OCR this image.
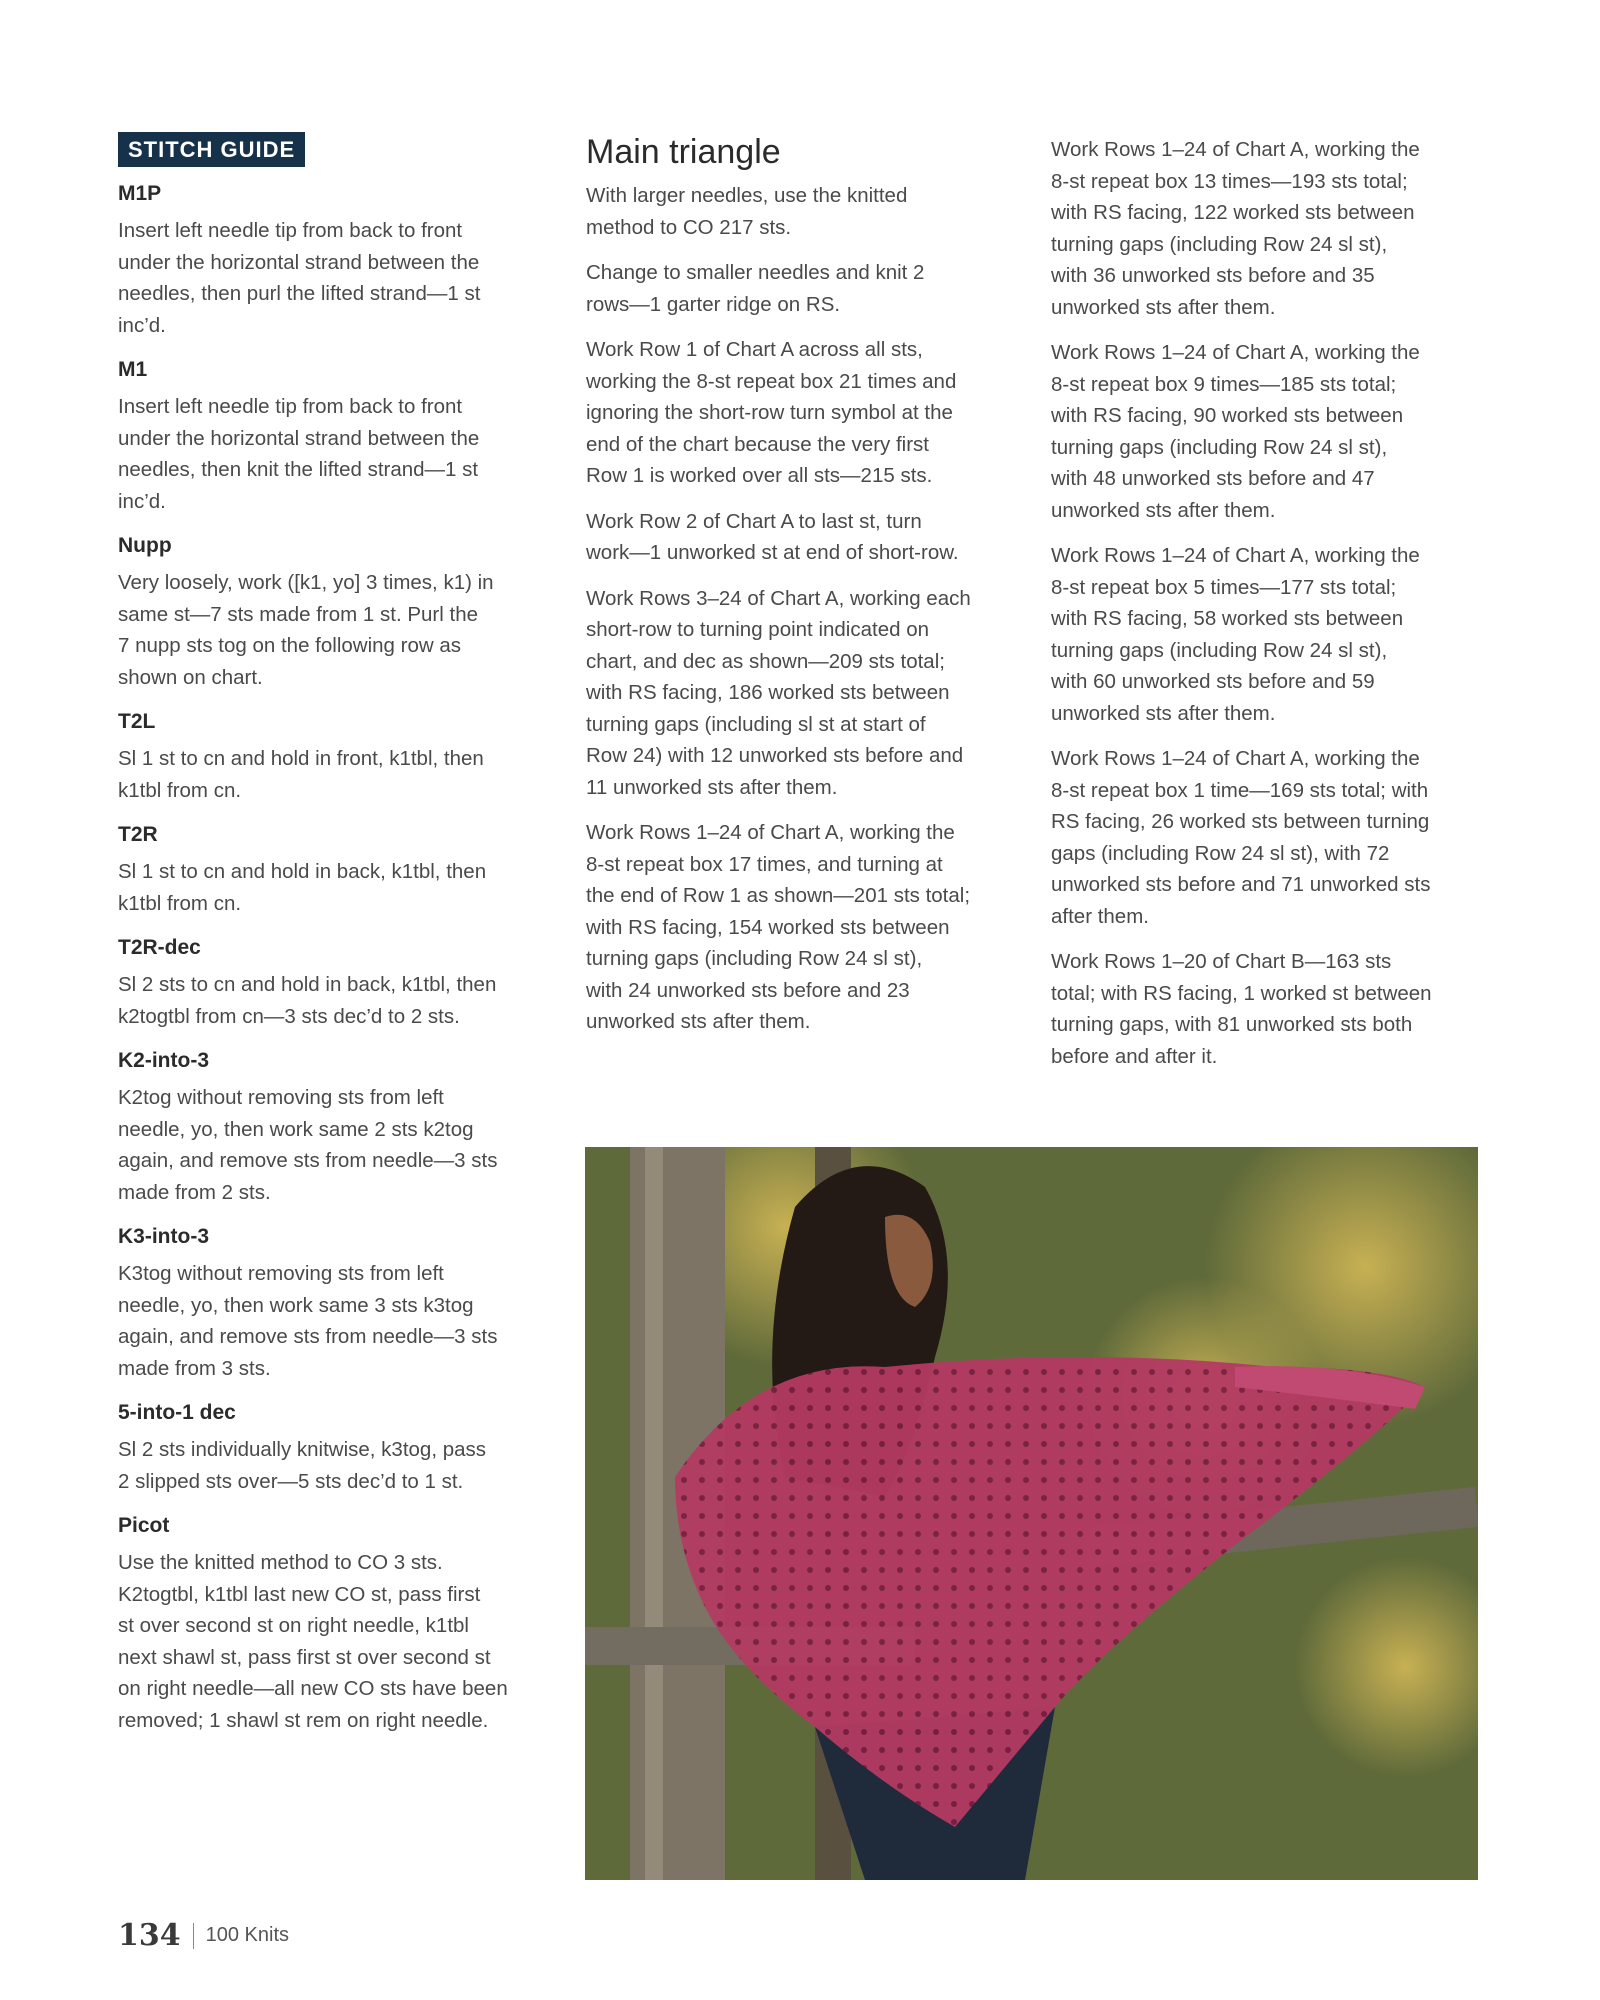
STITCH GUIDE
M1P
Insert left needle tip from back to front
under the horizontal strand between the
needles, then purl the lifted strand—1 st
inc’d.
M1
Insert left needle tip from back to front
under the horizontal strand between the
needles, then knit the lifted strand—1 st
inc’d.
Nupp
Very loosely, work ([k1, yo] 3 times, k1) in
same st—7 sts made from 1 st. Purl the
7 nupp sts tog on the following row as
shown on chart.
T2L
Sl 1 st to cn and hold in front, k1tbl, then
k1tbl from cn.
T2R
Sl 1 st to cn and hold in back, k1tbl, then
k1tbl from cn.
T2R-dec
Sl 2 sts to cn and hold in back, k1tbl, then
k2togtbl from cn—3 sts dec’d to 2 sts.
K2-into-3
K2tog without removing sts from left
needle, yo, then work same 2 sts k2tog
again, and remove sts from needle—3 sts
made from 2 sts.
K3-into-3
K3tog without removing sts from left
needle, yo, then work same 3 sts k3tog
again, and remove sts from needle—3 sts
made from 3 sts.
5-into-1 dec
Sl 2 sts individually knitwise, k3tog, pass
2 slipped sts over—5 sts dec’d to 1 st.
Picot
Use the knitted method to CO 3 sts.
K2togtbl, k1tbl last new CO st, pass first
st over second st on right needle, k1tbl
next shawl st, pass first st over second st
on right needle—all new CO sts have been
removed; 1 shawl st rem on right needle.
Main triangle

With larger needles, use the knitted
method to CO 217 sts.

Change to smaller needles and knit 2
rows—1 garter ridge on RS.

Work Row 1 of Chart A across all sts,
working the 8-st repeat box 21 times and
ignoring the short-row turn symbol at the
end of the chart because the very first
Row 1 is worked over all sts—215 sts.

Work Row 2 of Chart A to last st, turn
work—1 unworked st at end of short-row.

Work Rows 3–24 of Chart A, working each
short-row to turning point indicated on
chart, and dec as shown—209 sts total;
with RS facing, 186 worked sts between
turning gaps (including sl st at start of
Row 24) with 12 unworked sts before and
11 unworked sts after them.

Work Rows 1–24 of Chart A, working the
8-st repeat box 17 times, and turning at
the end of Row 1 as shown—201 sts total;
with RS facing, 154 worked sts between
turning gaps (including Row 24 sl st),
with 24 unworked sts before and 23
unworked sts after them.

Work Rows 1–24 of Chart A, working the
8-st repeat box 13 times—193 sts total;
with RS facing, 122 worked sts between
turning gaps (including Row 24 sl st),
with 36 unworked sts before and 35
unworked sts after them.

Work Rows 1–24 of Chart A, working the
8-st repeat box 9 times—185 sts total;
with RS facing, 90 worked sts between
turning gaps (including Row 24 sl st),
with 48 unworked sts before and 47
unworked sts after them.

Work Rows 1–24 of Chart A, working the
8-st repeat box 5 times—177 sts total;
with RS facing, 58 worked sts between
turning gaps (including Row 24 sl st),
with 60 unworked sts before and 59
unworked sts after them.

Work Rows 1–24 of Chart A, working the
8-st repeat box 1 time—169 sts total; with
RS facing, 26 worked sts between turning
gaps (including Row 24 sl st), with 72
unworked sts before and 71 unworked sts
after them.

Work Rows 1–20 of Chart B—163 sts
total; with RS facing, 1 worked st between
turning gaps, with 81 unworked sts both
before and after it.

134 100 Knits
